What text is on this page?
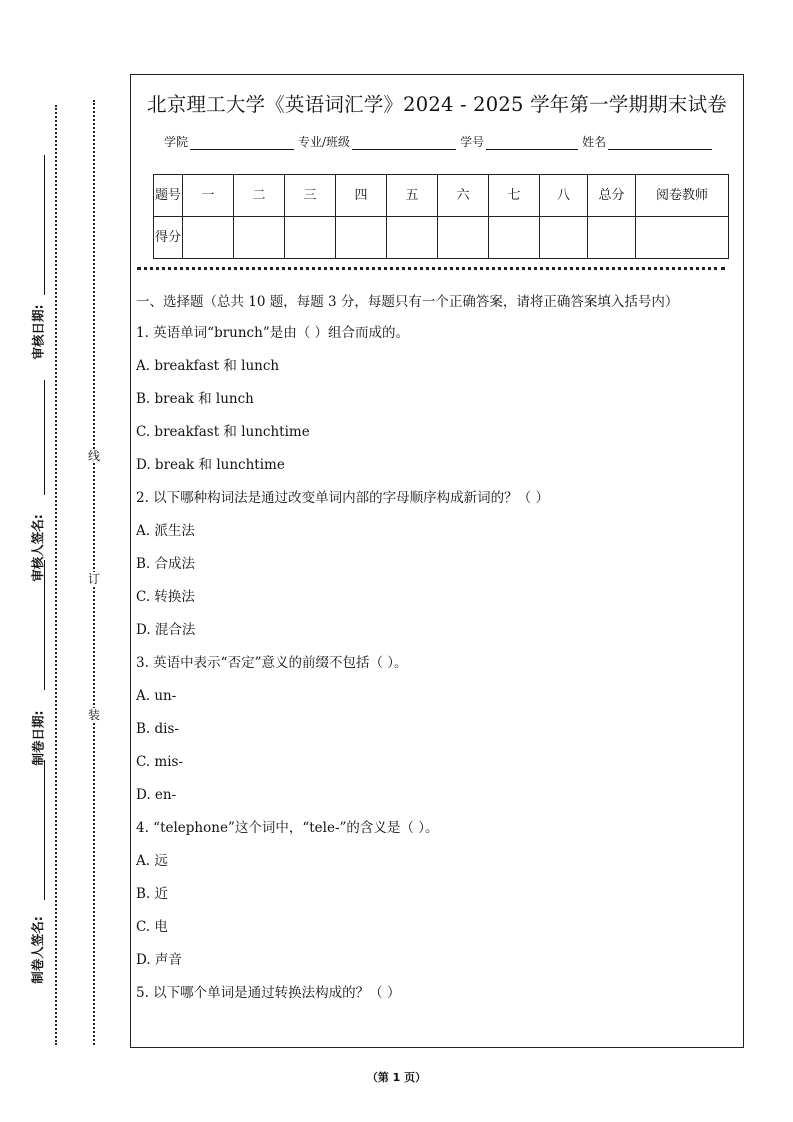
审核日期:
审核人签名:
制卷日期:
制卷人签名:
线
订
装
北京理工大学《英语词汇学》2024 - 2025 学年第一学期期末试卷
学院	专业/班级	学号	姓名
题号	一	二	三	四	五	六	七	八	总分	阅卷教师
得分										
一、选择题（总共 10 题，每题 3 分，每题只有一个正确答案，请将正确答案填入括号内）
1. 英语单词“brunch”是由（ ）组合而成的。
A. breakfast 和 lunch
B. break 和 lunch
C. breakfast 和 lunchtime
D. break 和 lunchtime
2. 以下哪种构词法是通过改变单词内部的字母顺序构成新词的？（ ）
A. 派生法
B. 合成法
C. 转换法
D. 混合法
3. 英语中表示“否定”意义的前缀不包括（ ）。
A. un-
B. dis-
C. mis-
D. en-
4. “telephone”这个词中，“tele-”的含义是（ ）。
A. 远
B. 近
C. 电
D. 声音
5. 以下哪个单词是通过转换法构成的？（ ）
（第 1 页）
